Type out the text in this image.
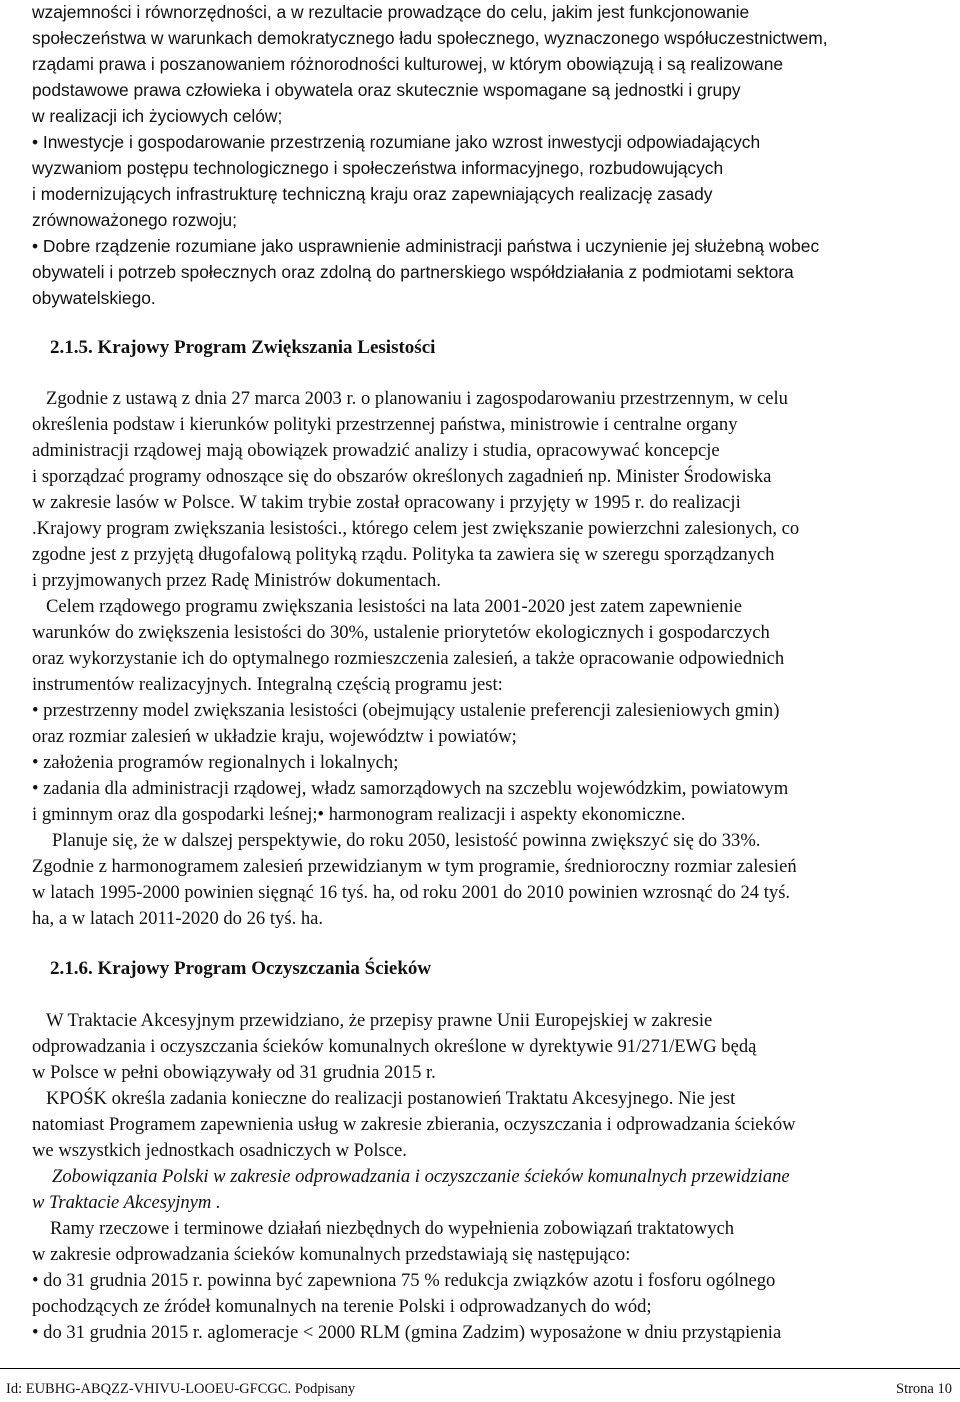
wzajemności i równorzędności, a w rezultacie prowadzące do celu, jakim jest funkcjonowanie
społeczeństwa w warunkach demokratycznego ładu społecznego, wyznaczonego współuczestnictwem,
rządami prawa i poszanowaniem różnorodności kulturowej, w którym obowiązują i są realizowane
podstawowe prawa człowieka i obywatela oraz skutecznie wspomagane są jednostki i grupy
w realizacji ich życiowych celów;
• Inwestycje i gospodarowanie przestrzenią rozumiane jako wzrost inwestycji odpowiadających
wyzwaniom postępu technologicznego i społeczeństwa informacyjnego, rozbudowujących
i modernizujących infrastrukturę techniczną kraju oraz zapewniających realizację zasady
zrównoważonego rozwoju;
• Dobre rządzenie rozumiane jako usprawnienie administracji państwa i uczynienie jej służebną wobec
obywateli i potrzeb społecznych oraz zdolną do partnerskiego współdziałania z podmiotami sektora
obywatelskiego.
2.1.5. Krajowy Program Zwiększania Lesistości
Zgodnie z ustawą z dnia 27 marca 2003 r. o planowaniu i zagospodarowaniu przestrzennym, w celu
określenia podstaw i kierunków polityki przestrzennej państwa, ministrowie i centralne organy
administracji rządowej mają obowiązek prowadzić analizy i studia, opracowywać koncepcje
i sporządzać programy odnoszące się do obszarów określonych zagadnień np. Minister Środowiska
w zakresie lasów w Polsce. W takim trybie został opracowany i przyjęty w 1995 r. do realizacji
.Krajowy program zwiększania lesistości., którego celem jest zwiększanie powierzchni zalesionych, co
zgodne jest z przyjętą długofalową polityką rządu. Polityka ta zawiera się w szeregu sporządzanych
i przyjmowanych przez Radę Ministrów dokumentach.
Celem rządowego programu zwiększania lesistości na lata 2001-2020 jest zatem zapewnienie
warunków do zwiększenia lesistości do 30%, ustalenie priorytetów ekologicznych i gospodarczych
oraz wykorzystanie ich do optymalnego rozmieszczenia zalesień, a także opracowanie odpowiednich
instrumentów realizacyjnych. Integralną częścią programu jest:
• przestrzenny model zwiększania lesistości (obejmujący ustalenie preferencji zalesieniowych gmin)
oraz rozmiar zalesień w układzie kraju, województw i powiatów;
• założenia programów regionalnych i lokalnych;
• zadania dla administracji rządowej, władz samorządowych na szczeblu wojewódzkim, powiatowym
i gminnym oraz dla gospodarki leśnej;• harmonogram realizacji i aspekty ekonomiczne.
Planuje się, że w dalszej perspektywie, do roku 2050, lesistość powinna zwiększyć się do 33%.
Zgodnie z harmonogramem zalesień przewidzianym w tym programie, średnioroczny rozmiar zalesień
w latach 1995-2000 powinien sięgnąć 16 tyś. ha, od roku 2001 do 2010 powinien wzrosnąć do 24 tyś.
ha, a w latach 2011-2020 do 26 tyś. ha.
2.1.6. Krajowy Program Oczyszczania Ścieków
W Traktacie Akcesyjnym przewidziano, że przepisy prawne Unii Europejskiej w zakresie
odprowadzania i oczyszczania ścieków komunalnych określone w dyrektywie 91/271/EWG będą
w Polsce w pełni obowiązywały od 31 grudnia 2015 r.
KPOŚK określa zadania konieczne do realizacji postanowień Traktatu Akcesyjnego. Nie jest
natomiast Programem zapewnienia usług w zakresie zbierania, oczyszczania i odprowadzania ścieków
we wszystkich jednostkach osadniczych w Polsce.
Zobowiązania Polski w zakresie odprowadzania i oczyszczanie ścieków komunalnych przewidziane
w Traktacie Akcesyjnym .
Ramy rzeczowe i terminowe działań niezbędnych do wypełnienia zobowiązań traktatowych
w zakresie odprowadzania ścieków komunalnych przedstawiają się następująco:
• do 31 grudnia 2015 r. powinna być zapewniona 75 % redukcja związków azotu i fosforu ogólnego
pochodzących ze źródeł komunalnych na terenie Polski i odprowadzanych do wód;
• do 31 grudnia 2015 r. aglomeracje < 2000 RLM (gmina Zadzim) wyposażone w dniu przystąpienia
Id: EUBHG-ABQZZ-VHIVU-LOOEU-GFCGC. Podpisany	Strona 10
